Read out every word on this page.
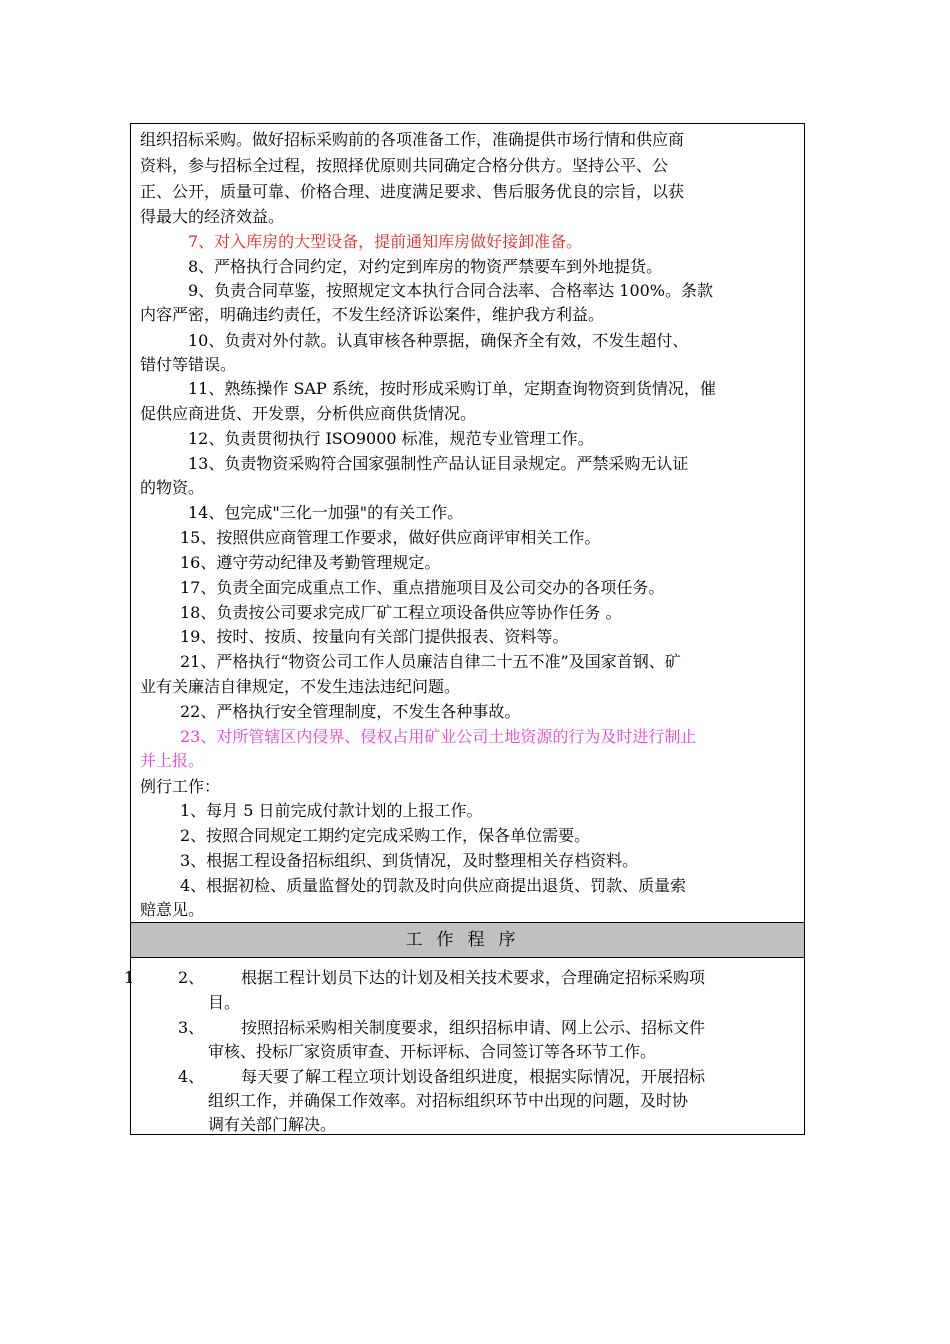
组织招标采购。做好招标采购前的各项准备工作，准确提供市场行情和供应商
资料，参与招标全过程，按照择优原则共同确定合格分供方。坚持公平、公
正、公开，质量可靠、价格合理、进度满足要求、售后服务优良的宗旨，以获
得最大的经济效益。
7、对入库房的大型设备，提前通知库房做好接卸准备。
8、严格执行合同约定，对约定到库房的物资严禁要车到外地提货。
9、负责合同草鉴，按照规定文本执行合同合法率、合格率达 100%。条款
内容严密，明确违约责任，不发生经济诉讼案件，维护我方利益。
10、负责对外付款。认真审核各种票据，确保齐全有效，不发生超付、
错付等错误。
11、熟练操作 SAP 系统，按时形成采购订单，定期查询物资到货情况，催
促供应商进货、开发票，分析供应商供货情况。
12、负责贯彻执行 ISO9000 标准，规范专业管理工作。
13、负责物资采购符合国家强制性产品认证目录规定。严禁采购无认证
的物资。
14、包完成"三化一加强"的有关工作。
15、按照供应商管理工作要求，做好供应商评审相关工作。
16、遵守劳动纪律及考勤管理规定。
17、负责全面完成重点工作、重点措施项目及公司交办的各项任务。
18、负责按公司要求完成厂矿工程立项设备供应等协作任务 。
19、按时、按质、按量向有关部门提供报表、资料等。
21、严格执行“物资公司工作人员廉洁自律二十五不准”及国家首钢、矿
业有关廉洁自律规定，不发生违法违纪问题。
22、严格执行安全管理制度，不发生各种事故。
23、对所管辖区内侵界、侵权占用矿业公司土地资源的行为及时进行制止
并上报。
例行工作：
1、每月 5 日前完成付款计划的上报工作。
2、按照合同规定工期约定完成采购工作，保各单位需要。
3、根据工程设备招标组织、到货情况，及时整理相关存档资料。
4、根据初检、质量监督处的罚款及时向供应商提出退货、罚款、质量索
赔意见。
工作程序
1	2、 根据工程计划员下达的计划及相关技术要求，合理确定招标采购项
目。
3、 按照招标采购相关制度要求，组织招标申请、网上公示、招标文件
审核、投标厂家资质审查、开标评标、合同签订等各环节工作。
4、 每天要了解工程立项计划设备组织进度，根据实际情况，开展招标
组织工作，并确保工作效率。对招标组织环节中出现的问题，及时协
调有关部门解决。
